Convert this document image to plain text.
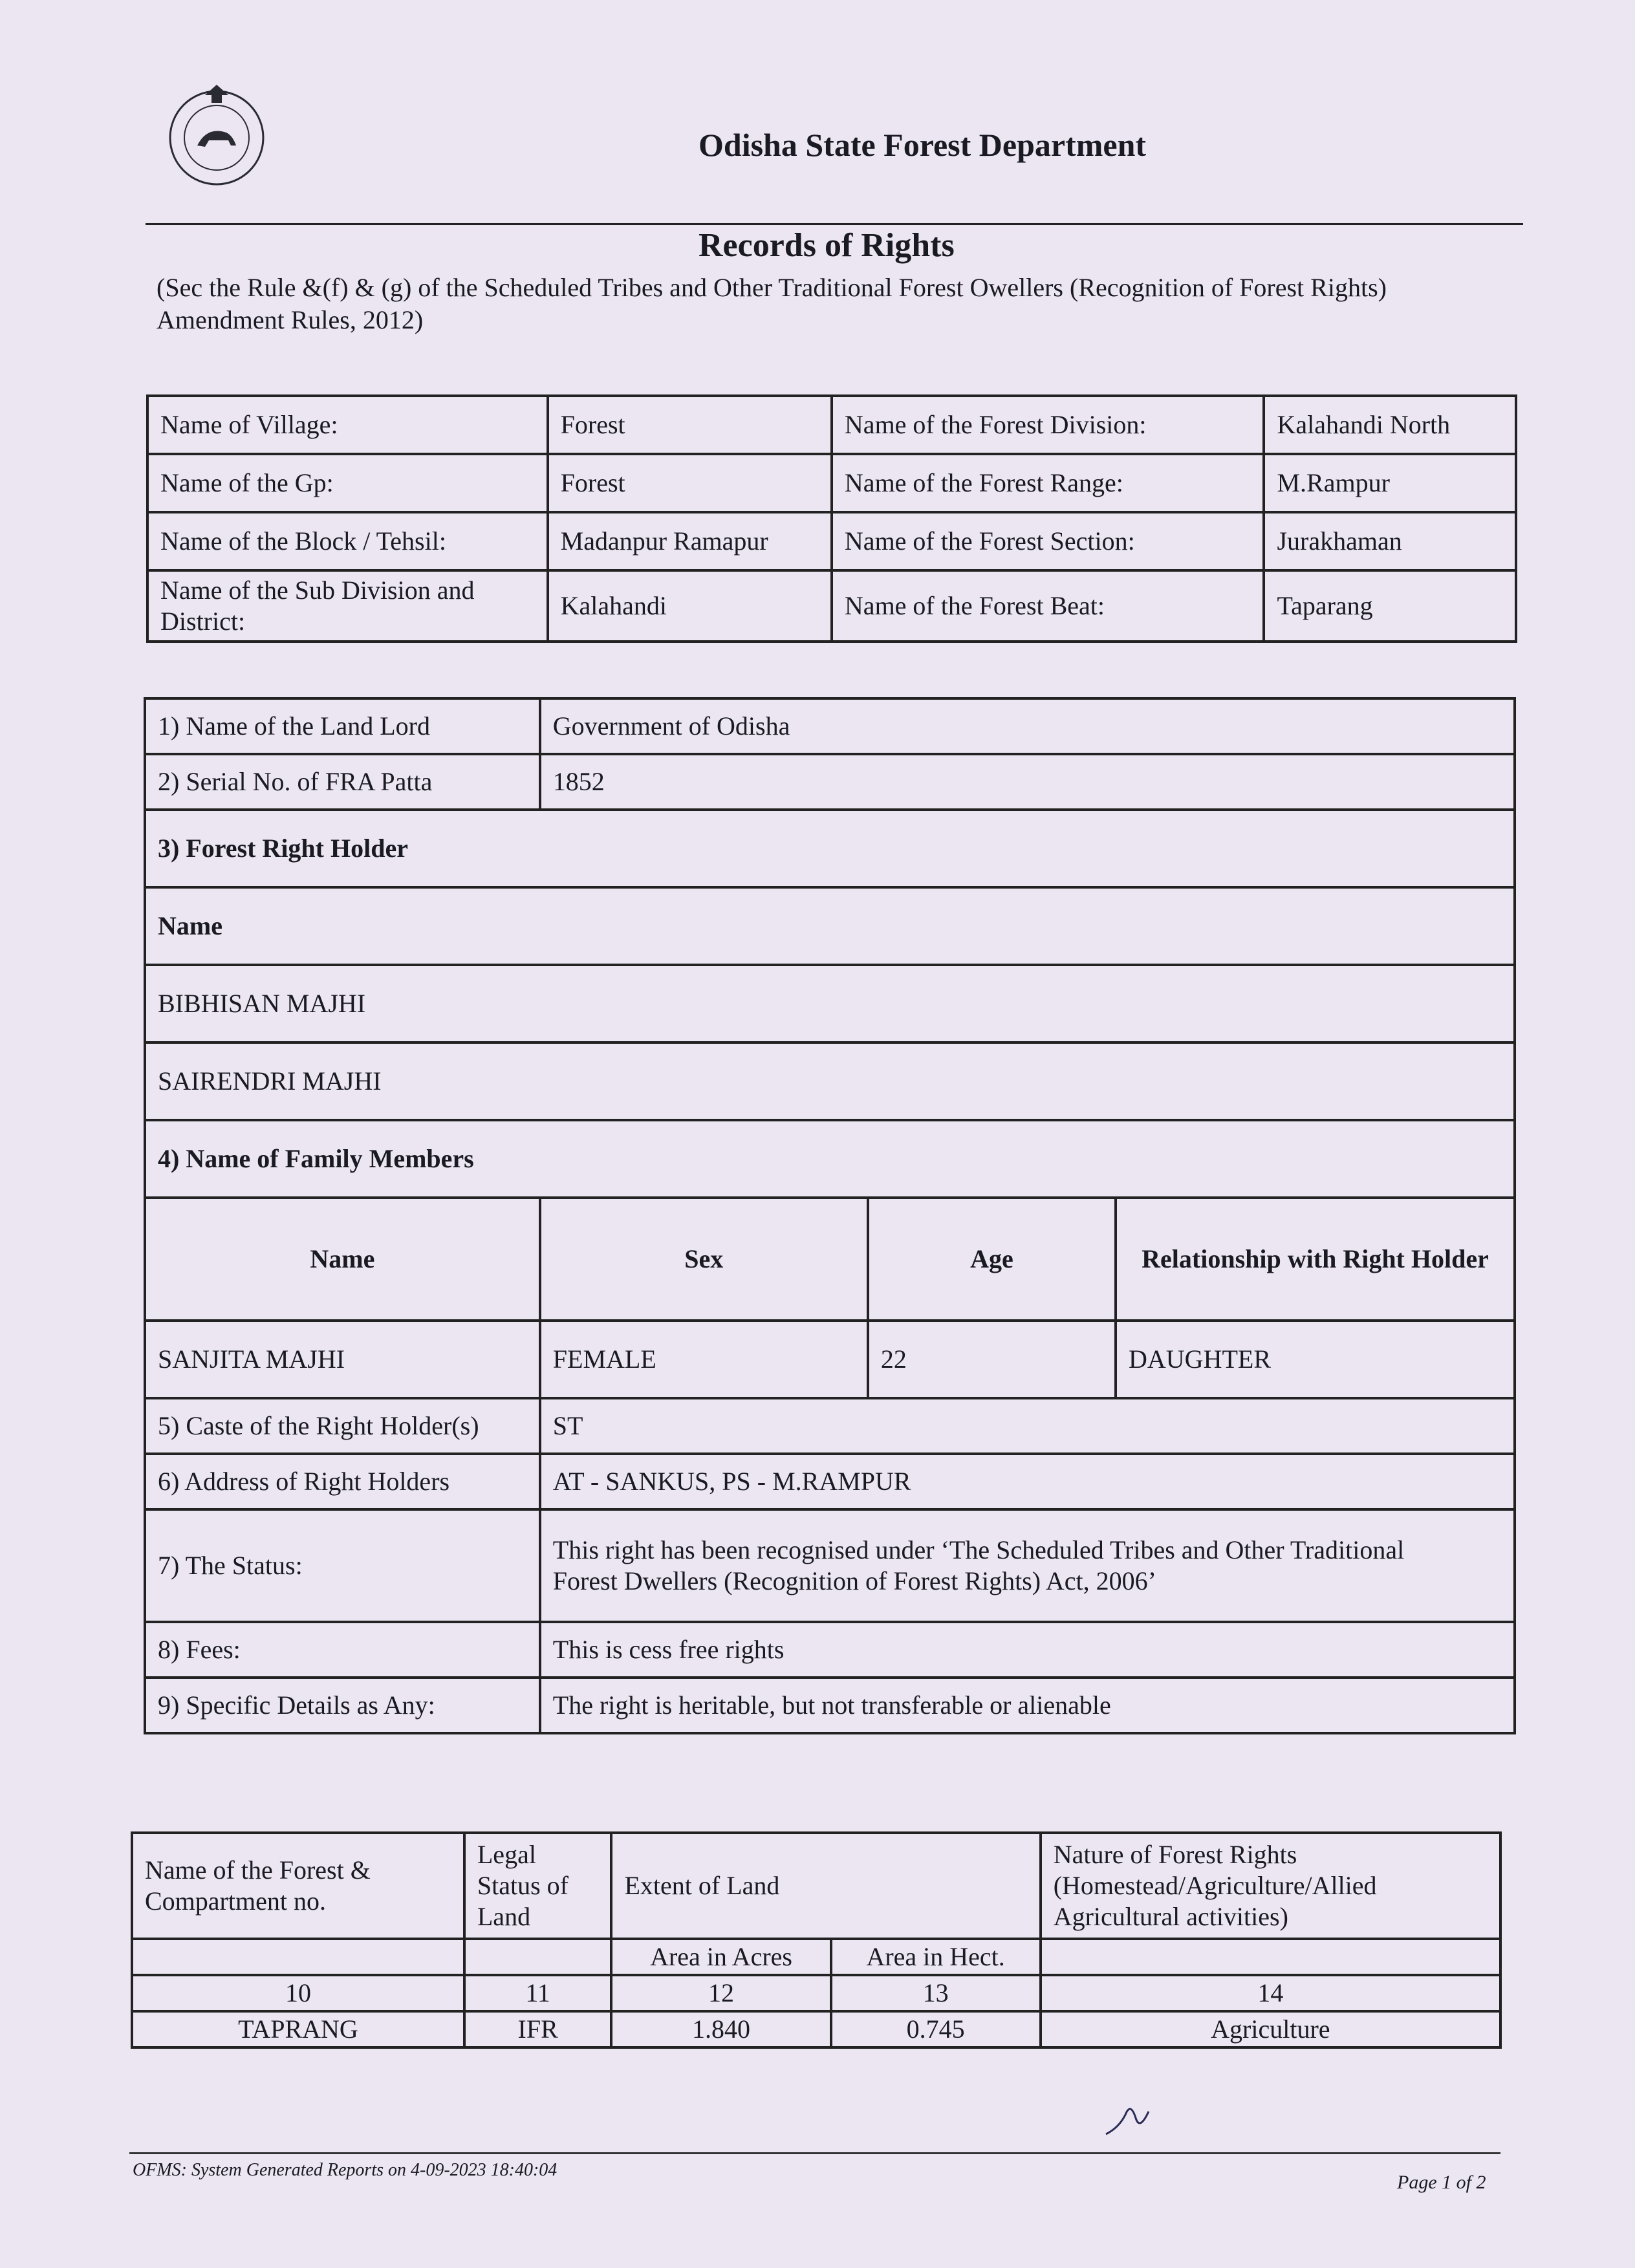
Odisha State Forest Department
Records of Rights
(Sec the Rule &(f) & (g) of the Scheduled Tribes and Other Traditional Forest Owellers (Recognition of Forest Rights) Amendment Rules, 2012)
Name of Village:	Forest	Name of the Forest Division:	Kalahandi North
Name of the Gp:	Forest	Name of the Forest Range:	M.Rampur
Name of the Block / Tehsil:	Madanpur Ramapur	Name of the Forest Section:	Jurakhaman
Name of the Sub Division and District:	Kalahandi	Name of the Forest Beat:	Taparang
1) Name of the Land Lord	Government of Odisha		
2) Serial No. of FRA Patta	1852		
3) Forest Right Holder			
Name			
BIBHISAN MAJHI			
SAIRENDRI MAJHI			
4) Name of Family Members			
Name	Sex	Age	Relationship with Right Holder
SANJITA MAJHI	FEMALE	22	DAUGHTER
5) Caste of the Right Holder(s)	ST		
6) Address of Right Holders	AT - SANKUS, PS - M.RAMPUR		
7) The Status:	This right has been recognised under ‘The Scheduled Tribes and Other Traditional
Forest Dwellers (Recognition of Forest Rights) Act, 2006’		

8) Fees:	This is cess free rights		
9) Specific Details as Any:	The right is heritable, but not transferable or alienable		
Name of the Forest & Compartment no.	Legal Status of Land	Extent of Land		Nature of Forest Rights (Homestead/Agriculture/Allied Agricultural activities)
		Area in Acres	Area in Hect.	
10	11	12	13	14
TAPRANG	IFR	1.840	0.745	Agriculture
OFMS: System Generated Reports on 4-09-2023 18:40:04
Page 1 of 2
